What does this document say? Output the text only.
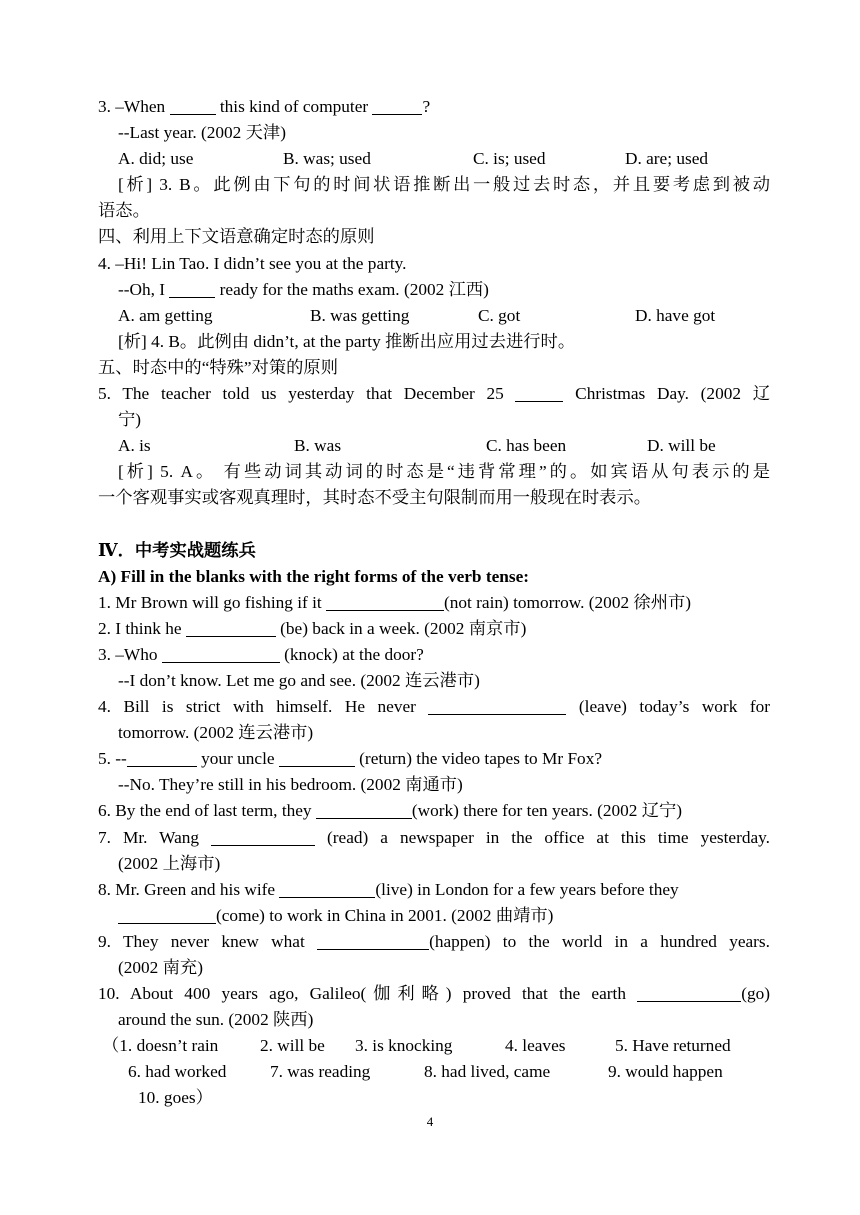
3. –When	this kind of computer	?
--Last year. (2002 天津)
A. did; use	B. was; used	C. is; used	D. are; used
[析] 3. B。此例由下句的时间状语推断出一般过去时态，并且要考虑到被动
语态。
四、利用上下文语意确定时态的原则
4. –Hi! Lin Tao. I didn’t see you at the party.
--Oh, I	ready for the maths exam. (2002 江西)
A. am getting	B. was getting	C. got	D. have got
[析] 4. B。此例由 didn’t, at the party 推断出应用过去进行时。
五、时态中的“特殊”对策的原则
5. The teacher told us yesterday that December 25	Christmas Day. (2002 辽
宁)
A. is	B. was	C. has been	D. will be
[析] 5. A。 有些动词其动词的时态是“违背常理”的。如宾语从句表示的是
一个客观事实或客观真理时，其时态不受主句限制而用一般现在时表示。
Ⅳ．中考实战题练兵
A) Fill in the blanks with the right forms of the verb tense:
1. Mr Brown will go fishing if it	(not rain) tomorrow. (2002 徐州市)
2. I think he	(be) back in a week. (2002 南京市)
3. –Who	(knock) at the door?
--I don’t know. Let me go and see. (2002 连云港市)
4. Bill is strict with himself. He never	(leave) today’s work for
tomorrow. (2002 连云港市)
5. --	your uncle	(return) the video tapes to Mr Fox?
--No. They’re still in his bedroom. (2002 南通市)
6. By the end of last term, they	(work) there for ten years. (2002 辽宁)
7. Mr. Wang	(read) a newspaper in the office at this time yesterday.
(2002 上海市)
8. Mr. Green and his wife	(live) in London for a few years before they
(come) to work in China in 2001. (2002 曲靖市)
9. They never knew what	(happen) to the world in a hundred years.
(2002 南充)
10. About 400 years ago, Galileo(伽利略) proved that the earth	(go)
around the sun. (2002 陕西)
（1. doesn’t rain 2. will be 3. is knocking	4. leaves	5. Have returned
6. had worked	7. was reading	8. had lived, came	9. would happen
10. goes）
4
